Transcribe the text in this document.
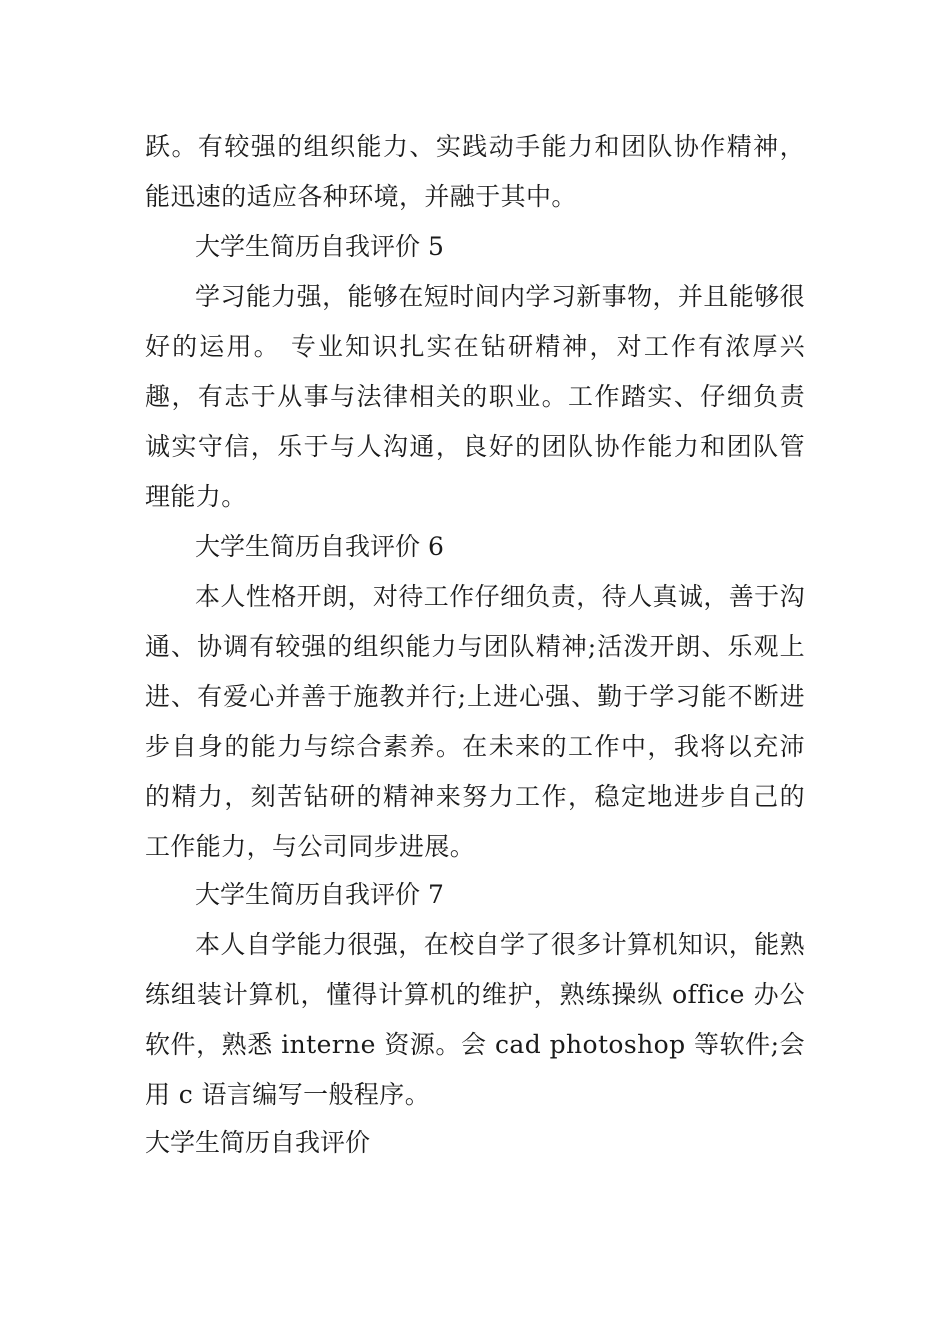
跃。有较强的组织能力、实践动手能力和团队协作精神，能迅速的适应各种环境，并融于其中。

大学生简历自我评价 5

学习能力强，能够在短时间内学习新事物，并且能够很好的运用。 专业知识扎实在钻研精神，对工作有浓厚兴趣，有志于从事与法律相关的职业。工作踏实、仔细负责诚实守信，乐于与人沟通，良好的团队协作能力和团队管理能力。

大学生简历自我评价 6

本人性格开朗，对待工作仔细负责，待人真诚，善于沟通、协调有较强的组织能力与团队精神;活泼开朗、乐观上进、有爱心并善于施教并行;上进心强、勤于学习能不断进步自身的能力与综合素养。在未来的工作中，我将以充沛的精力，刻苦钻研的精神来努力工作，稳定地进步自己的工作能力，与公司同步进展。

大学生简历自我评价 7

本人自学能力很强，在校自学了很多计算机知识，能熟练组装计算机，懂得计算机的维护，熟练操纵 office 办公软件，熟悉 interne 资源。会 cad photoshop 等软件;会用 c 语言编写一般程序。

大学生简历自我评价
